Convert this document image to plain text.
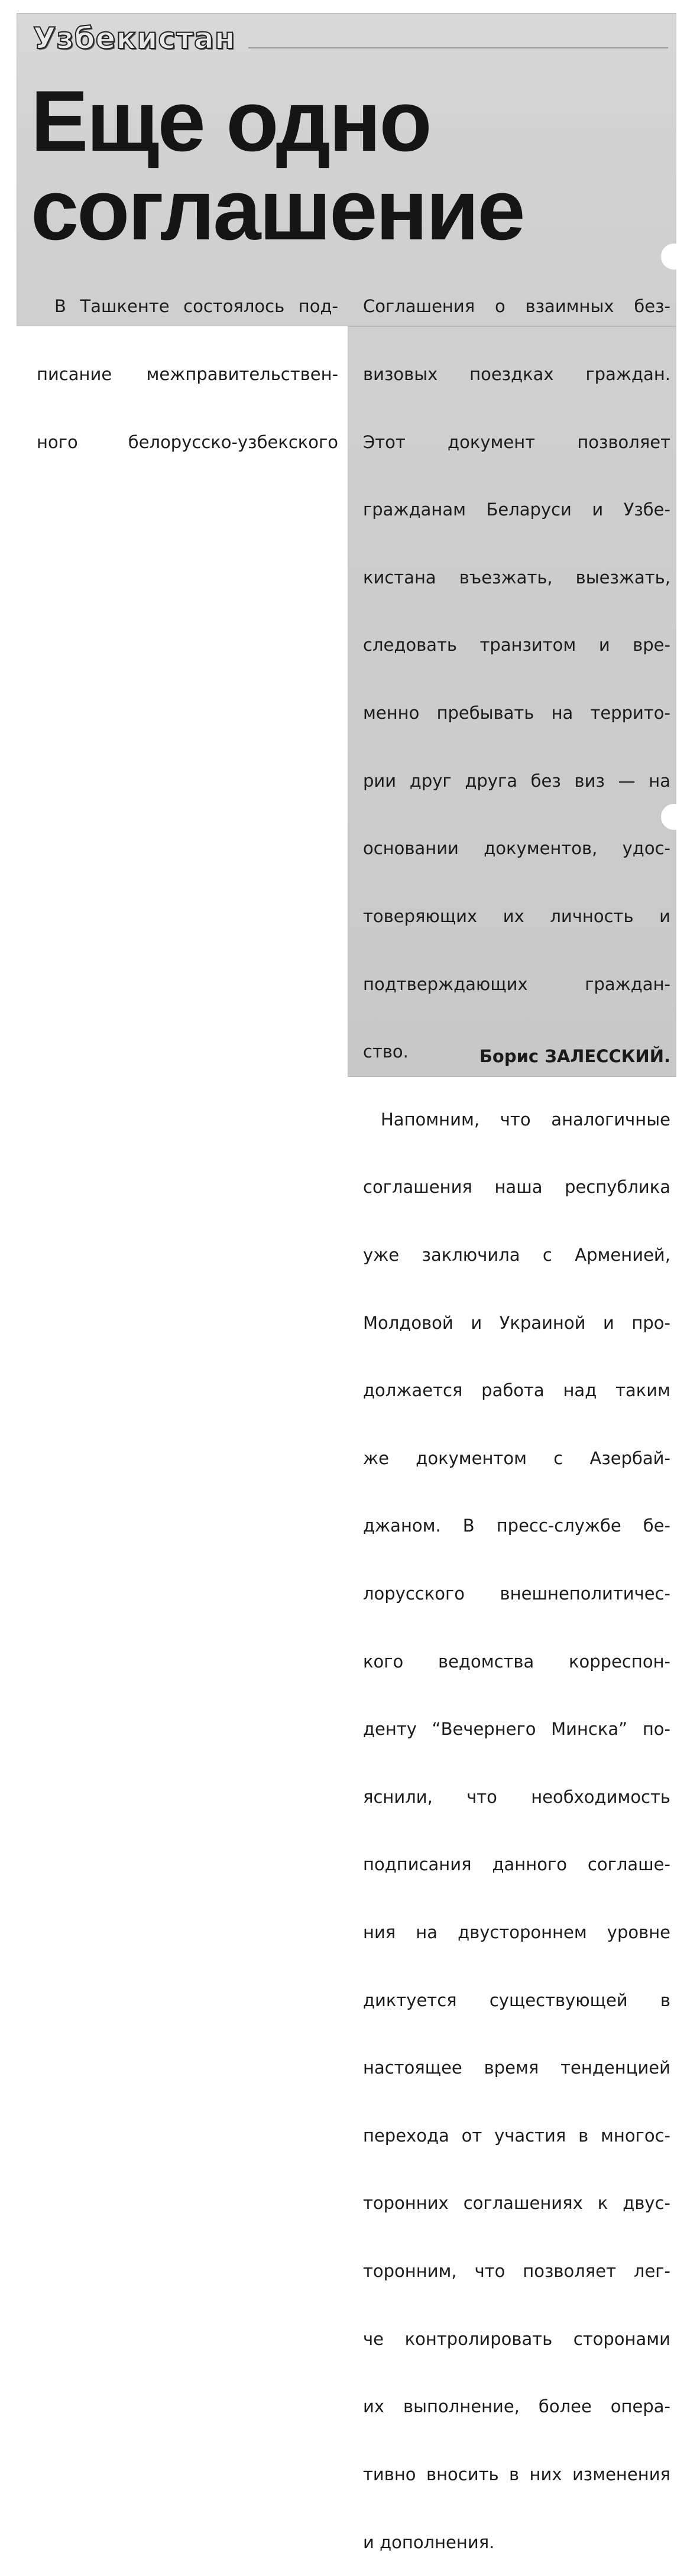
Узбекистан
Еще одно
соглашение

В Ташкенте состоялось под-

писание межправительствен-

ного белорусско-узбекского

Соглашения о взаимных без-

визовых поездках граждан.

Этот документ позволяет

гражданам Беларуси и Узбе-

кистана въезжать, выезжать,

следовать транзитом и вре-

менно пребывать на террито-

рии друг друга без виз — на

основании документов, удос-

товеряющих их личность и

подтверждающих граждан-

ство.

Напомним, что аналогичные

соглашения наша республика

уже заключила с Арменией,

Молдовой и Украиной и про-

должается работа над таким

же документом с Азербай-

джаном. В пресс-службе бе-

лорусского внешнеполитичес-

кого ведомства корреспон-

денту “Вечернего Минска” по-

яснили, что необходимость

подписания данного соглаше-

ния на двустороннем уровне

диктуется существующей в

настоящее время тенденцией

перехода от участия в многос-

торонних соглашениях к двус-

торонним, что позволяет лег-

че контролировать сторонами

их выполнение, более опера-

тивно вносить в них изменения

и дополнения.

Борис ЗАЛЕССКИЙ.
